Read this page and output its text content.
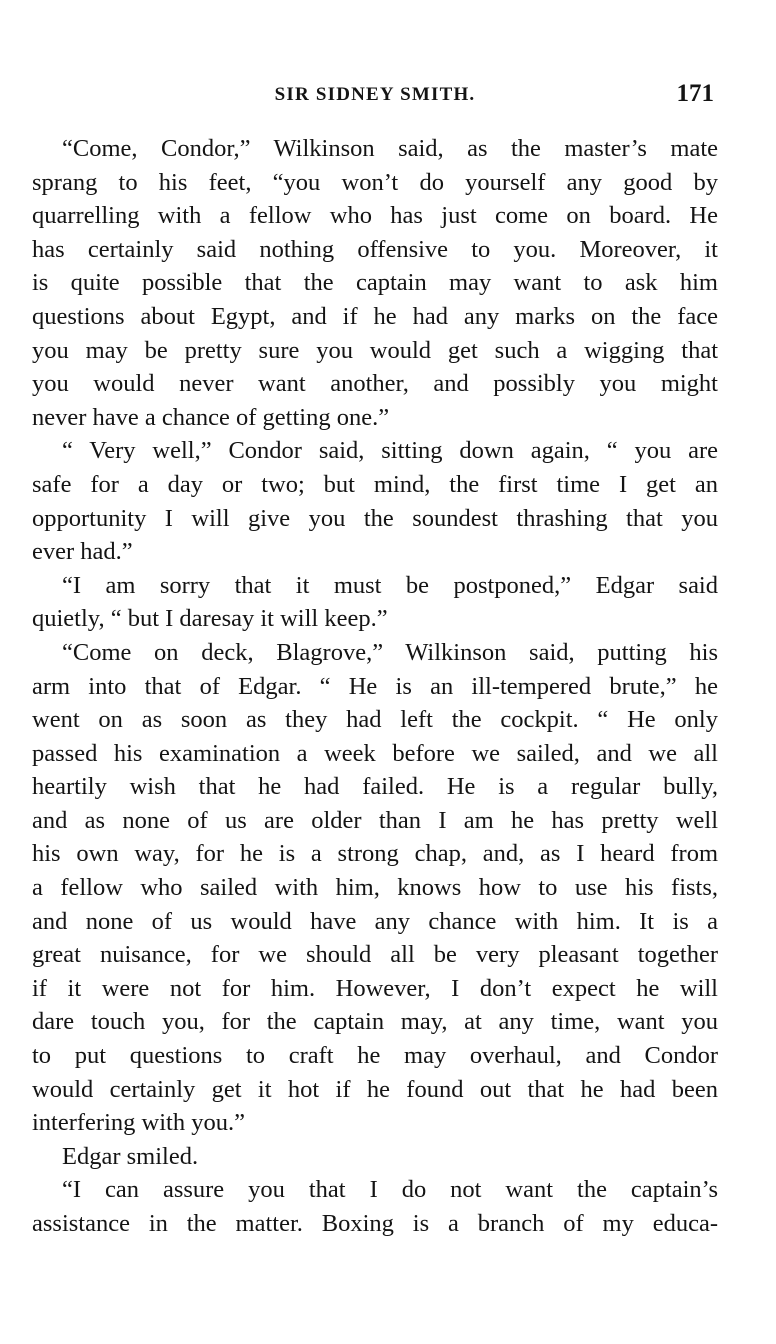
SIR SIDNEY SMITH.	171
“Come, Condor,” Wilkinson said, as the master’s mate
sprang to his feet, “you won’t do yourself any good by
quarrelling with a fellow who has just come on board. He
has certainly said nothing offensive to you. Moreover, it
is quite possible that the captain may want to ask him
questions about Egypt, and if he had any marks on the face
you may be pretty sure you would get such a wigging that
you would never want another, and possibly you might
never have a chance of getting one.”
“ Very well,” Condor said, sitting down again, “ you are
safe for a day or two; but mind, the first time I get an
opportunity I will give you the soundest thrashing that you
ever had.”
“I am sorry that it must be postponed,” Edgar said
quietly, “ but I daresay it will keep.”
“Come on deck, Blagrove,” Wilkinson said, putting his
arm into that of Edgar. “ He is an ill-tempered brute,” he
went on as soon as they had left the cockpit. “ He only
passed his examination a week before we sailed, and we all
heartily wish that he had failed. He is a regular bully,
and as none of us are older than I am he has pretty well
his own way, for he is a strong chap, and, as I heard from
a fellow who sailed with him, knows how to use his fists,
and none of us would have any chance with him. It is a
great nuisance, for we should all be very pleasant together
if it were not for him. However, I don’t expect he will
dare touch you, for the captain may, at any time, want you
to put questions to craft he may overhaul, and Condor
would certainly get it hot if he found out that he had been
interfering with you.”
Edgar smiled.
“I can assure you that I do not want the captain’s
assistance in the matter. Boxing is a branch of my educa-
